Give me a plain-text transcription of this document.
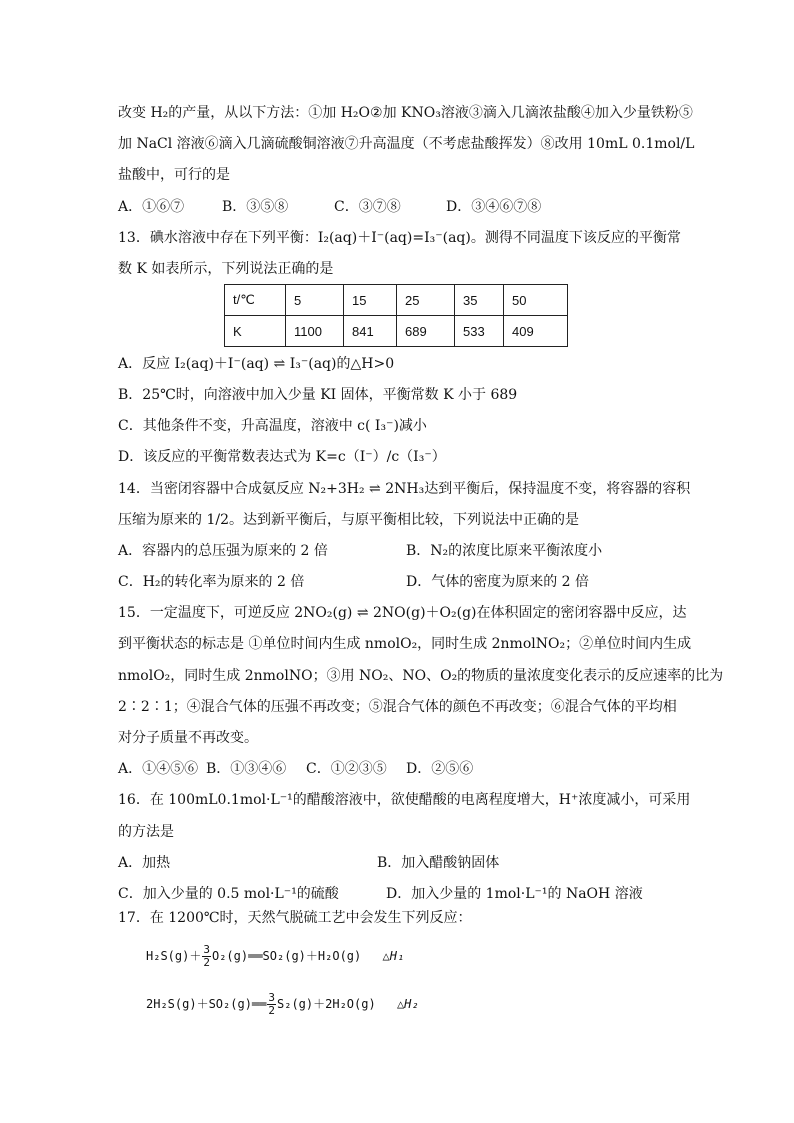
改变 H₂的产量，从以下方法：①加 H₂O②加 KNO₃溶液③滴入几滴浓盐酸④加入少量铁粉⑤
加 NaCl 溶液⑥滴入几滴硫酸铜溶液⑦升高温度（不考虑盐酸挥发）⑧改用 10mL 0.1mol/L
盐酸中，可行的是
A．①⑥⑦	B．③⑤⑧	C．③⑦⑧	D．③④⑥⑦⑧
13．碘水溶液中存在下列平衡：I₂(aq)＋I⁻(aq)=I₃⁻(aq)。测得不同温度下该反应的平衡常
数 K 如表所示，下列说法正确的是
t/℃	5	15	25	35	50
K	1100	841	689	533	409
A．反应 I₂(aq)＋I⁻(aq) ⇌ I₃⁻(aq)的△H>0
B．25℃时，向溶液中加入少量 KI 固体，平衡常数 K 小于 689
C．其他条件不变，升高温度，溶液中 c( I₃⁻)减小
D．该反应的平衡常数表达式为 K=c（I⁻）/c（I₃⁻）
14．当密闭容器中合成氨反应 N₂+3H₂ ⇌ 2NH₃达到平衡后，保持温度不变，将容器的容积
压缩为原来的 1/2。达到新平衡后，与原平衡相比较，下列说法中正确的是
A．容器内的总压强为原来的 2 倍	B．N₂的浓度比原来平衡浓度小
C．H₂的转化率为原来的 2 倍	D．气体的密度为原来的 2 倍
15．一定温度下，可逆反应 2NO₂(g) ⇌ 2NO(g)＋O₂(g)在体积固定的密闭容器中反应，达
到平衡状态的标志是 ①单位时间内生成 nmolO₂，同时生成 2nmolNO₂；②单位时间内生成
nmolO₂，同时生成 2nmolNO；③用 NO₂、NO、O₂的物质的量浓度变化表示的反应速率的比为
2∶2∶1；④混合气体的压强不再改变；⑤混合气体的颜色不再改变；⑥混合气体的平均相
对分子质量不再改变。
A．①④⑤⑥ B．①③④⑥ C．①②③⑤ D．②⑤⑥
16．在 100mL0.1mol·L⁻¹的醋酸溶液中，欲使醋酸的电离程度增大，H⁺浓度减小，可采用
的方法是
A．加热	B．加入醋酸钠固体
C．加入少量的 0.5 mol·L⁻¹的硫酸	D．加入少量的 1mol·L⁻¹的 NaOH 溶液
17．在 1200℃时，天然气脱硫工艺中会发生下列反应：
$H_2S(g)+ \frac{3}{2}$ O₂(g)══SO₂(g)＋H₂O(g) △H₁
2H₂S(g)＋SO₂(g)══ $\frac{3}{2} S_2(g)+2H_2O(g)$ △H₂
